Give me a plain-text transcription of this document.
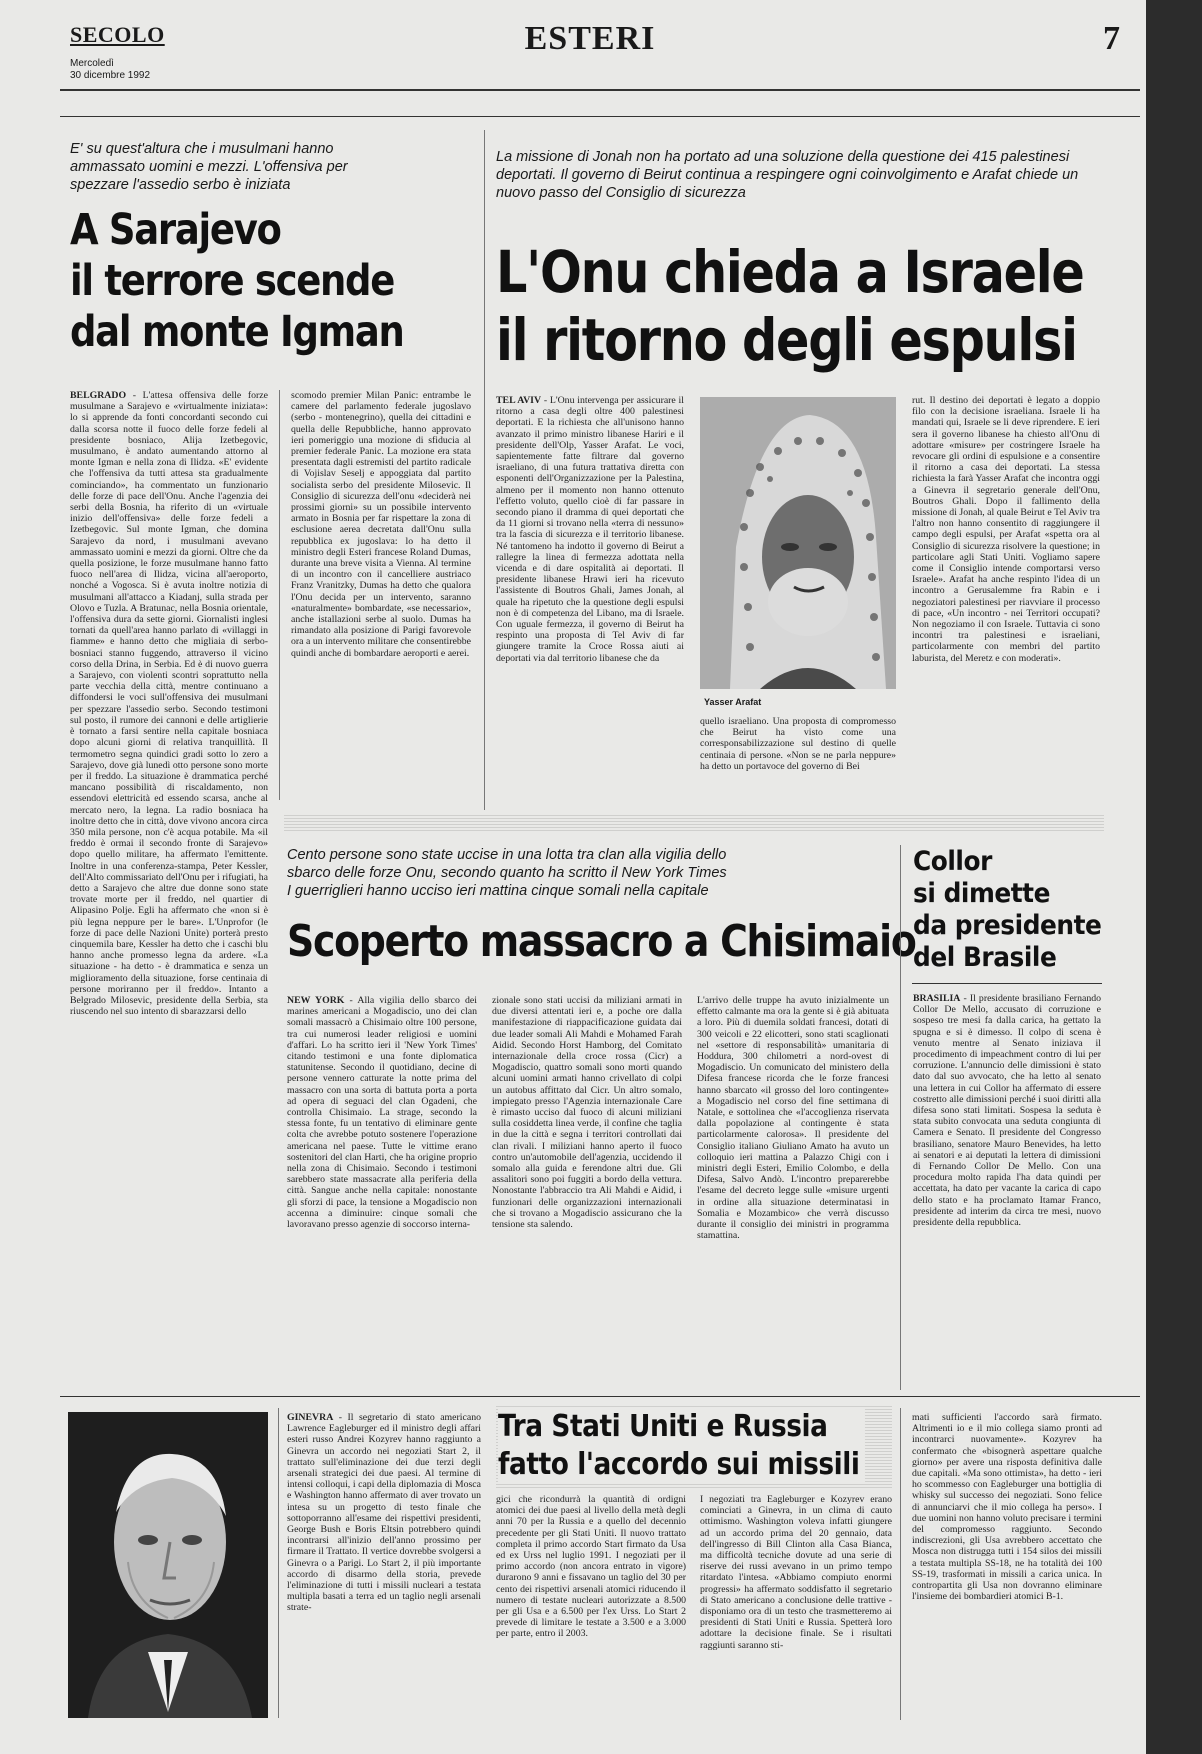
SECOLO
Mercoledì
30 dicembre 1992
ESTERI	7
E' su quest'altura che i musulmani hanno ammassato uomini e mezzi. L'offensiva per spezzare l'assedio serbo è iniziata
A Sarajevo
il terrore scende
dal monte Igman
BELGRADO - L'attesa offensiva delle forze musulmane a Sarajevo e «virtualmente iniziata»: lo si apprende da fonti concordanti secondo cui dalla scorsa notte il fuoco delle forze fedeli al presidente bosniaco, Alija Izetbegovic, musulmano, è andato aumentando attorno al monte Igman e nella zona di Ilidza. «E' evidente che l'offensiva da tutti attesa sta gradualmente cominciando», ha commentato un funzionario delle forze di pace dell'Onu. Anche l'agenzia dei serbi della Bosnia, ha riferito di un «virtuale inizio dell'offensiva» delle forze fedeli a Izetbegovic. Sul monte Igman, che domina Sarajevo da nord, i musulmani avevano ammassato uomini e mezzi da giorni. Oltre che da quella posizione, le forze musulmane hanno fatto fuoco nell'area di Ilidza, vicina all'aeroporto, nonché a Vogosca. Si è avuta inoltre notizia di musulmani all'attacco a Kiadanj, sulla strada per Olovo e Tuzla. A Bratunac, nella Bosnia orientale, l'offensiva dura da sette giorni. Giornalisti inglesi tornati da quell'area hanno parlato di «villaggi in fiamme» e hanno detto che migliaia di serbo-bosniaci stanno fuggendo, attraverso il vicino corso della Drina, in Serbia. Ed è di nuovo guerra a Sarajevo, con violenti scontri soprattutto nella parte vecchia della città, mentre continuano a diffondersi le voci sull'offensiva dei musulmani per spezzare l'assedio serbo. Secondo testimoni sul posto, il rumore dei cannoni e delle artiglierie è tornato a farsi sentire nella capitale bosniaca dopo alcuni giorni di relativa tranquillità. Il termometro segna quindici gradi sotto lo zero a Sarajevo, dove già lunedì otto persone sono morte per il freddo. La situazione è drammatica perché mancano possibilità di riscaldamento, non essendovi elettricità ed essendo scarsa, anche al mercato nero, la legna. La radio bosniaca ha inoltre detto che in città, dove vivono ancora circa 350 mila persone, non c'è acqua potabile. Ma «il freddo è ormai il secondo fronte di Sarajevo» dopo quello militare, ha affermato l'emittente. Inoltre in una conferenza-stampa, Peter Kessler, dell'Alto commissariato dell'Onu per i rifugiati, ha detto a Sarajevo che altre due donne sono state trovate morte per il freddo, nel quartier di Alipasino Polje. Egli ha affermato che «non si è più legna neppure per le bare». L'Unprofor (le forze di pace delle Nazioni Unite) porterà presto cinquemila bare, Kessler ha detto che i caschi blu hanno anche promesso legna da ardere. «La situazione - ha detto - è drammatica e senza un miglioramento della situazione, forse centinaia di persone moriranno per il freddo». Intanto a Belgrado Milosevic, presidente della Serbia, sta riuscendo nel suo intento di sbarazzarsi dello
scomodo premier Milan Panic: entrambe le camere del parlamento federale jugoslavo (serbo - montenegrino), quella dei cittadini e quella delle Repubbliche, hanno approvato ieri pomeriggio una mozione di sfiducia al premier federale Panic. La mozione era stata presentata dagli estremisti del partito radicale di Vojislav Seselj e appoggiata dal partito socialista serbo del presidente Milosevic. Il Consiglio di sicurezza dell'onu «deciderà nei prossimi giorni» su un possibile intervento armato in Bosnia per far rispettare la zona di esclusione aerea decretata dall'Onu sulla repubblica ex jugoslava: lo ha detto il ministro degli Esteri francese Roland Dumas, durante una breve visita a Vienna. Al termine di un incontro con il cancelliere austriaco Franz Vranitzky, Dumas ha detto che qualora l'Onu decida per un intervento, saranno «naturalmente» bombardate, «se necessario», anche istallazioni serbe al suolo. Dumas ha rimandato alla posizione di Parigi favorevole ora a un intervento militare che consentirebbe quindi anche di bombardare aeroporti e aerei.
La missione di Jonah non ha portato ad una soluzione della questione dei 415 palestinesi deportati. Il governo di Beirut continua a respingere ogni coinvolgimento e Arafat chiede un nuovo passo del Consiglio di sicurezza
L'Onu chieda a Israele
il ritorno degli espulsi
TEL AVIV - L'Onu intervenga per assicurare il ritorno a casa degli oltre 400 palestinesi deportati. E la richiesta che all'unisono hanno avanzato il primo ministro libanese Hariri e il presidente dell'Olp, Yasser Arafat. Le voci, sapientemente fatte filtrare dal governo israeliano, di una futura trattativa diretta con esponenti dell'Organizzazione per la Palestina, almeno per il momento non hanno ottenuto l'effetto voluto, quello cioè di far passare in secondo piano il dramma di quei deportati che da 11 giorni si trovano nella «terra di nessuno» tra la fascia di sicurezza e il territorio libanese. Né tantomeno ha indotto il governo di Beirut a rallegre la linea di fermezza adottata nella vicenda e di dare ospitalità ai deportati. Il presidente libanese Hrawi ieri ha ricevuto l'assistente di Boutros Ghali, James Jonah, al quale ha ripetuto che la questione degli espulsi non è di competenza del Libano, ma di Israele. Con uguale fermezza, il governo di Beirut ha respinto una proposta di Tel Aviv di far giungere tramite la Croce Rossa aiuti ai deportati via dal territorio libanese che da
Yasser Arafat
quello israeliano. Una proposta di compromesso che Beirut ha visto come una corresponsabilizzazione sul destino di quelle centinaia di persone. «Non se ne parla neppure» ha detto un portavoce del governo di Bei
rut. Il destino dei deportati è legato a doppio filo con la decisione israeliana. Israele li ha mandati qui, Israele se li deve riprendere. E ieri sera il governo libanese ha chiesto all'Onu di adottare «misure» per costringere Israele ha revocare gli ordini di espulsione e a consentire il ritorno a casa dei deportati. La stessa richiesta la farà Yasser Arafat che incontra oggi a Ginevra il segretario generale dell'Onu, Boutros Ghali. Dopo il fallimento della missione di Jonah, al quale Beirut e Tel Aviv tra l'altro non hanno consentito di raggiungere il campo degli espulsi, per Arafat «spetta ora al Consiglio di sicurezza risolvere la questione; in particolare agli Stati Uniti. Vogliamo sapere come il Consiglio intende comportarsi verso Israele». Arafat ha anche respinto l'idea di un incontro a Gerusalemme fra Rabin e i negoziatori palestinesi per riavviare il processo di pace, «Un incontro - nei Territori occupati? Non negoziamo il con Israele. Tuttavia ci sono incontri tra palestinesi e israeliani, particolarmente con membri del partito laburista, del Meretz e con moderati».
Cento persone sono state uccise in una lotta tra clan alla vigilia dello
sbarco delle forze Onu, secondo quanto ha scritto il New York Times
I guerriglieri hanno ucciso ieri mattina cinque somali nella capitale
Scoperto massacro a Chisimaio
NEW YORK - Alla vigilia dello sbarco dei marines americani a Mogadiscio, uno dei clan somali massacrò a Chisimaio oltre 100 persone, tra cui numerosi leader religiosi e uomini d'affari. Lo ha scritto ieri il 'New York Times' citando testimoni e una fonte diplomatica statunitense. Secondo il quotidiano, decine di persone vennero catturate la notte prima del massacro con una sorta di battuta porta a porta ad opera di seguaci del clan Ogadeni, che controlla Chisimaio. La strage, secondo la stessa fonte, fu un tentativo di eliminare gente colta che avrebbe potuto sostenere l'operazione americana nel paese. Tutte le vittime erano sostenitori del clan Harti, che ha origine proprio nella zona di Chisimaio. Secondo i testimoni sarebbero state massacrate alla periferia della città. Sangue anche nella capitale: nonostante gli sforzi di pace, la tensione a Mogadiscio non accenna a diminuire: cinque somali che lavoravano presso agenzie di soccorso interna-
zionale sono stati uccisi da miliziani armati in due diversi attentati ieri e, a poche ore dalla manifestazione di riappacificazione guidata dai due leader somali Ali Mahdi e Mohamed Farah Aidid. Secondo Horst Hamborg, del Comitato internazionale della croce rossa (Cicr) a Mogadiscio, quattro somali sono morti quando alcuni uomini armati hanno crivellato di colpi un autobus affittato dal Cicr. Un altro somalo, impiegato presso l'Agenzia internazionale Care è rimasto ucciso dal fuoco di alcuni miliziani sulla cosiddetta linea verde, il confine che taglia in due la città e segna i territori controllati dai clan rivali. I miliziani hanno aperto il fuoco contro un'automobile dell'agenzia, uccidendo il somalo alla guida e ferendone altri due. Gli assalitori sono poi fuggiti a bordo della vettura. Nonostante l'abbraccio tra Ali Mahdi e Aidid, i funzionari delle organizzazioni internazionali che si trovano a Mogadiscio assicurano che la tensione sta salendo.
L'arrivo delle truppe ha avuto inizialmente un effetto calmante ma ora la gente si è già abituata a loro. Più di duemila soldati francesi, dotati di 300 veicoli e 22 elicotteri, sono stati scaglionati nel «settore di responsabilità» umanitaria di Hoddura, 300 chilometri a nord-ovest di Mogadiscio. Un comunicato del ministero della Difesa francese ricorda che le forze francesi hanno sbarcato «il grosso del loro contingente» a Mogadiscio nel corso del fine settimana di Natale, e sottolinea che «l'accoglienza riservata dalla popolazione al contingente è stata particolarmente calorosa». Il presidente del Consiglio italiano Giuliano Amato ha avuto un colloquio ieri mattina a Palazzo Chigi con i ministri degli Esteri, Emilio Colombo, e della Difesa, Salvo Andò. L'incontro preparerebbe l'esame del decreto legge sulle «misure urgenti in ordine alla situazione determinatasi in Somalia e Mozambico» che verrà discusso durante il consiglio dei ministri in programma stamattina.
Collor
si dimette
da presidente
del Brasile
BRASILIA - Il presidente brasiliano Fernando Collor De Mello, accusato di corruzione e sospeso tre mesi fa dalla carica, ha gettato la spugna e si è dimesso. Il colpo di scena è venuto mentre al Senato iniziava il procedimento di impeachment contro di lui per corruzione. L'annuncio delle dimissioni è stato dato dal suo avvocato, che ha letto al senato una lettera in cui Collor ha affermato di essere costretto alle dimissioni perché i suoi diritti alla difesa sono stati limitati. Sospesa la seduta è stata subito convocata una seduta congiunta di Camera e Senato. Il presidente del Congresso brasiliano, senatore Mauro Benevides, ha letto ai senatori e ai deputati la lettera di dimissioni di Fernando Collor De Mello. Con una procedura molto rapida l'ha data quindi per accettata, ha dato per vacante la carica di capo dello stato e ha proclamato Itamar Franco, presidente ad interim da circa tre mesi, nuovo presidente della repubblica.
GINEVRA - Il segretario di stato americano Lawrence Eagleburger ed il ministro degli affari esteri russo Andrei Kozyrev hanno raggiunto a Ginevra un accordo nei negoziati Start 2, il trattato sull'eliminazione dei due terzi degli arsenali strategici dei due paesi. Al termine di intensi colloqui, i capi della diplomazia di Mosca e Washington hanno affermato di aver trovato un intesa su un progetto di testo finale che sottoporranno all'esame dei rispettivi presidenti, George Bush e Boris Eltsin potrebbero quindi incontrarsi all'inizio dell'anno prossimo per firmare il Trattato. Il vertice dovrebbe svolgersi a Ginevra o a Parigi. Lo Start 2, il più importante accordo di disarmo della storia, prevede l'eliminazione di tutti i missili nucleari a testata multipla basati a terra ed un taglio negli arsenali strate-
Tra Stati Uniti e Russia
fatto l'accordo sui missili
gici che ricondurrà la quantità di ordigni atomici dei due paesi al livello della metà degli anni 70 per la Russia e a quello del decennio precedente per gli Stati Uniti. Il nuovo trattato completa il primo accordo Start firmato da Usa ed ex Urss nel luglio 1991. I negoziati per il primo accordo (non ancora entrato in vigore) durarono 9 anni e fissavano un taglio del 30 per cento dei rispettivi arsenali atomici riducendo il numero di testate nucleari autorizzate a 8.500 per gli Usa e a 6.500 per l'ex Urss. Lo Start 2 prevede di limitare le testate a 3.500 e a 3.000 per parte, entro il 2003.
I negoziati tra Eagleburger e Kozyrev erano cominciati a Ginevra, in un clima di cauto ottimismo. Washington voleva infatti giungere ad un accordo prima del 20 gennaio, data dell'ingresso di Bill Clinton alla Casa Bianca, ma difficoltà tecniche dovute ad una serie di riserve dei russi avevano in un primo tempo ritardato l'intesa. «Abbiamo compiuto enormi progressi» ha affermato soddisfatto il segretario di Stato americano a conclusione delle trattive - disponiamo ora di un testo che trasmetteremo ai presidenti di Stati Uniti e Russia. Spetterà loro adottare la decisione finale. Se i risultati raggiunti saranno sti-
mati sufficienti l'accordo sarà firmato. Altrimenti io e il mio collega siamo pronti ad incontrarci nuovamente». Kozyrev ha confermato che «bisognerà aspettare qualche giorno» per avere una risposta definitiva dalle due capitali. «Ma sono ottimista», ha detto - ieri ho scommesso con Eagleburger una bottiglia di whisky sul successo dei negoziati. Sono felice di annunciarvi che il mio collega ha perso». I due uomini non hanno voluto precisare i termini del compromesso raggiunto. Secondo indiscrezioni, gli Usa avrebbero accettato che Mosca non distrugga tutti i 154 silos dei missili a testata multipla SS-18, ne ha totalità dei 100 SS-19, trasformati in missili a carica unica. In contropartita gli Usa non dovranno eliminare l'insieme dei bombardieri atomici B-1.
